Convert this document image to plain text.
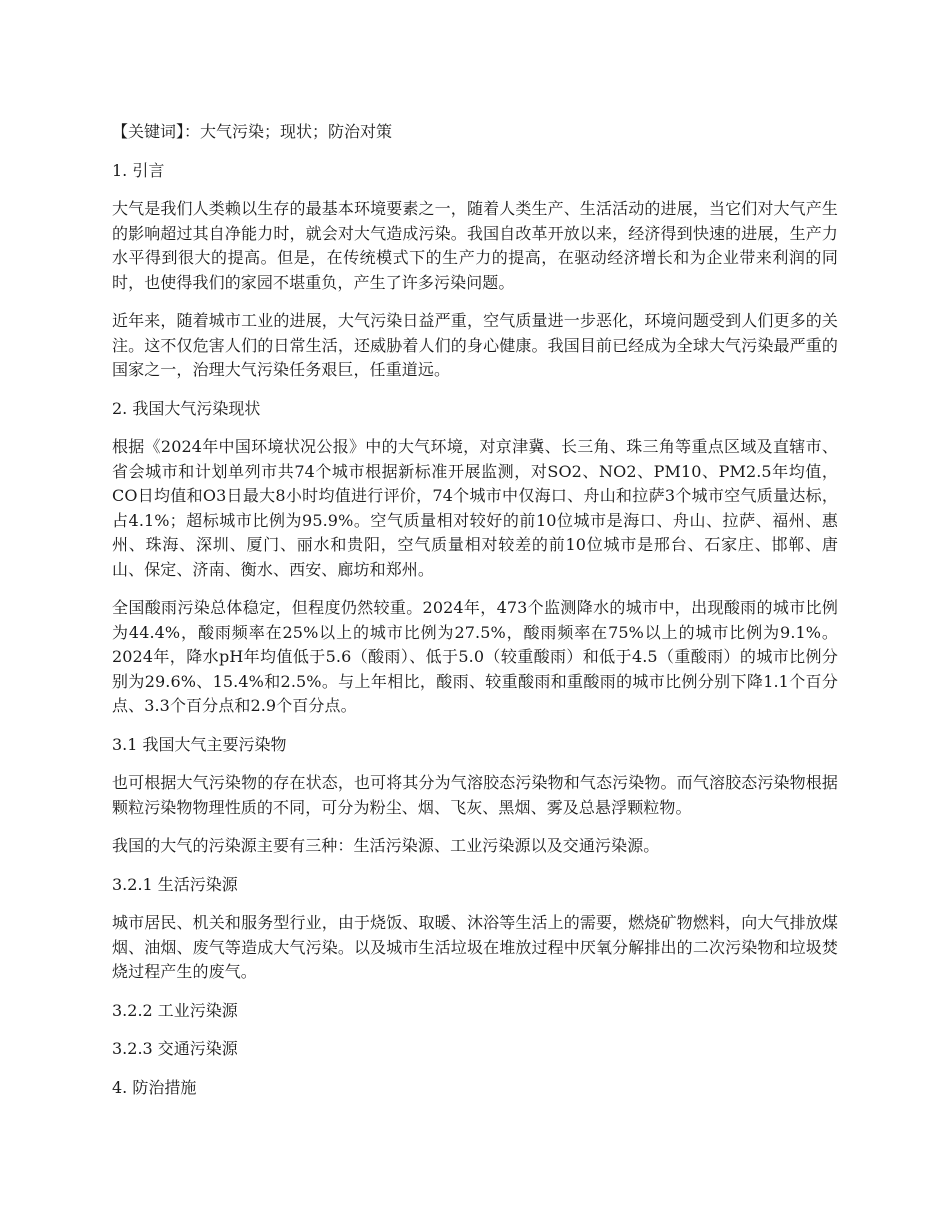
【关键词】：大气污染；现状；防治对策

1. 引言

大气是我们人类赖以生存的最基本环境要素之一，随着人类生产、生活活动的进展，当它们对大气产生的影响超过其自净能力时，就会对大气造成污染。我国自改革开放以来，经济得到快速的进展，生产力水平得到很大的提高。但是，在传统模式下的生产力的提高，在驱动经济增长和为企业带来利润的同时，也使得我们的家园不堪重负，产生了许多污染问题。

近年来，随着城市工业的进展，大气污染日益严重，空气质量进一步恶化，环境问题受到人们更多的关注。这不仅危害人们的日常生活，还威胁着人们的身心健康。我国目前已经成为全球大气污染最严重的国家之一，治理大气污染任务艰巨，任重道远。

2. 我国大气污染现状

根据《2024年中国环境状况公报》中的大气环境，对京津冀、长三角、珠三角等重点区域及直辖市、省会城市和计划单列市共74个城市根据新标准开展监测，对SO2、NO2、PM10、PM2.5年均值，CO日均值和O3日最大8小时均值进行评价，74个城市中仅海口、舟山和拉萨3个城市空气质量达标，占4.1%；超标城市比例为95.9%。空气质量相对较好的前10位城市是海口、舟山、拉萨、福州、惠州、珠海、深圳、厦门、丽水和贵阳，空气质量相对较差的前10位城市是邢台、石家庄、邯郸、唐山、保定、济南、衡水、西安、廊坊和郑州。

全国酸雨污染总体稳定，但程度仍然较重。2024年，473个监测降水的城市中，出现酸雨的城市比例为44.4%，酸雨频率在25%以上的城市比例为27.5%，酸雨频率在75%以上的城市比例为9.1%。2024年，降水pH年均值低于5.6（酸雨）、低于5.0（较重酸雨）和低于4.5（重酸雨）的城市比例分别为29.6%、15.4%和2.5%。与上年相比，酸雨、较重酸雨和重酸雨的城市比例分别下降1.1个百分点、3.3个百分点和2.9个百分点。

3.1 我国大气主要污染物

也可根据大气污染物的存在状态，也可将其分为气溶胶态污染物和气态污染物。而气溶胶态污染物根据颗粒污染物物理性质的不同，可分为粉尘、烟、飞灰、黑烟、雾及总悬浮颗粒物。

我国的大气的污染源主要有三种：生活污染源、工业污染源以及交通污染源。

3.2.1 生活污染源

城市居民、机关和服务型行业，由于烧饭、取暖、沐浴等生活上的需要，燃烧矿物燃料，向大气排放煤烟、油烟、废气等造成大气污染。以及城市生活垃圾在堆放过程中厌氧分解排出的二次污染物和垃圾焚烧过程产生的废气。

3.2.2 工业污染源

3.2.3 交通污染源

4. 防治措施
